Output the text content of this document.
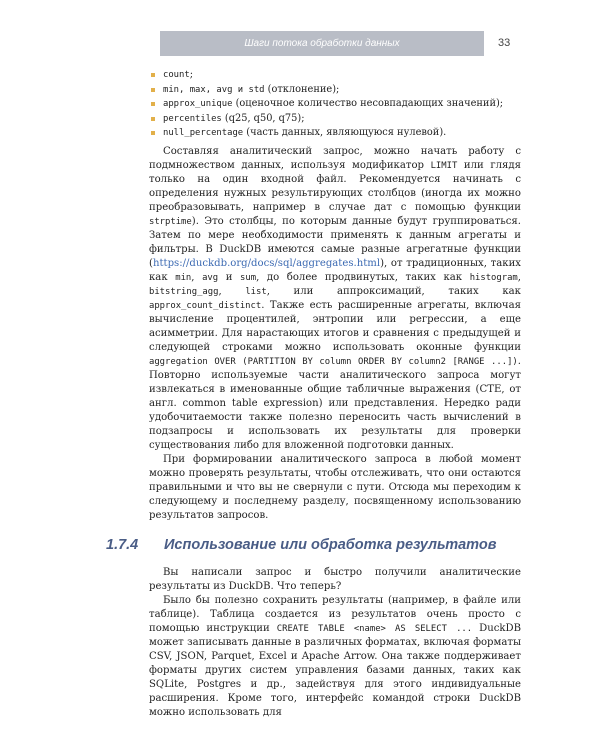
Шаги потока обработки данных	33
count;
min, max, avg и std (отклонение);
approx_unique (оценочное количество несовпадающих значений);
percentiles (q25, q50, q75);
null_percentage (часть данных, являющуюся нулевой).

Составляя аналитический запрос, можно начать работу с подмножеством данных, используя модификатор LIMIT или глядя только на один входной файл. Рекомендуется начинать с определения нужных результирующих столбцов (иногда их можно преобразовывать, например в случае дат с помощью функции strptime). Это столбцы, по которым данные будут группироваться. Затем по мере необходимости применять к данным агрегаты и фильтры. В DuckDB имеются самые разные агрегатные функции (https://duckdb.org/docs/sql/aggregates.html), от традиционных, таких как min, avg и sum, до более продвинутых, таких как histogram, bitstring_agg, list, или аппроксимаций, таких как approx_count_distinct. Также есть расширенные агрегаты, включая вычисление процентилей, энтропии или регрессии, а еще асимметрии. Для нарастающих итогов и сравнения с предыдущей и следующей строками можно использовать оконные функции aggregation OVER (PARTITION BY column ORDER BY column2 [RANGE ...]). Повторно используемые части аналитического запроса могут извлекаться в именованные общие табличные выражения (CTE, от англ. common table expression) или представления. Нередко ради удобочитаемости также полезно переносить часть вычислений в подзапросы и использовать их результаты для проверки существования либо для вложенной подготовки данных.

При формировании аналитического запроса в любой момент можно проверять результаты, чтобы отслеживать, что они остаются правильными и что вы не свернули с пути. Отсюда мы переходим к следующему и последнему разделу, посвященному использованию результатов запросов.

1.7.4	Использование или обработка результатов

Вы написали запрос и быстро получили аналитические результаты из DuckDB. Что теперь?

Было бы полезно сохранить результаты (например, в файле или таблице). Таблица создается из результатов очень просто с помощью инструкции CREATE TABLE <name> AS SELECT ... DuckDB может записывать данные в различных форматах, включая форматы CSV, JSON, Parquet, Excel и Apache Arrow. Она также поддерживает форматы других систем управления базами данных, таких как SQLite, Postgres и др., задействуя для этого индивидуальные расширения. Кроме того, интерфейс командой строки DuckDB можно использовать для
